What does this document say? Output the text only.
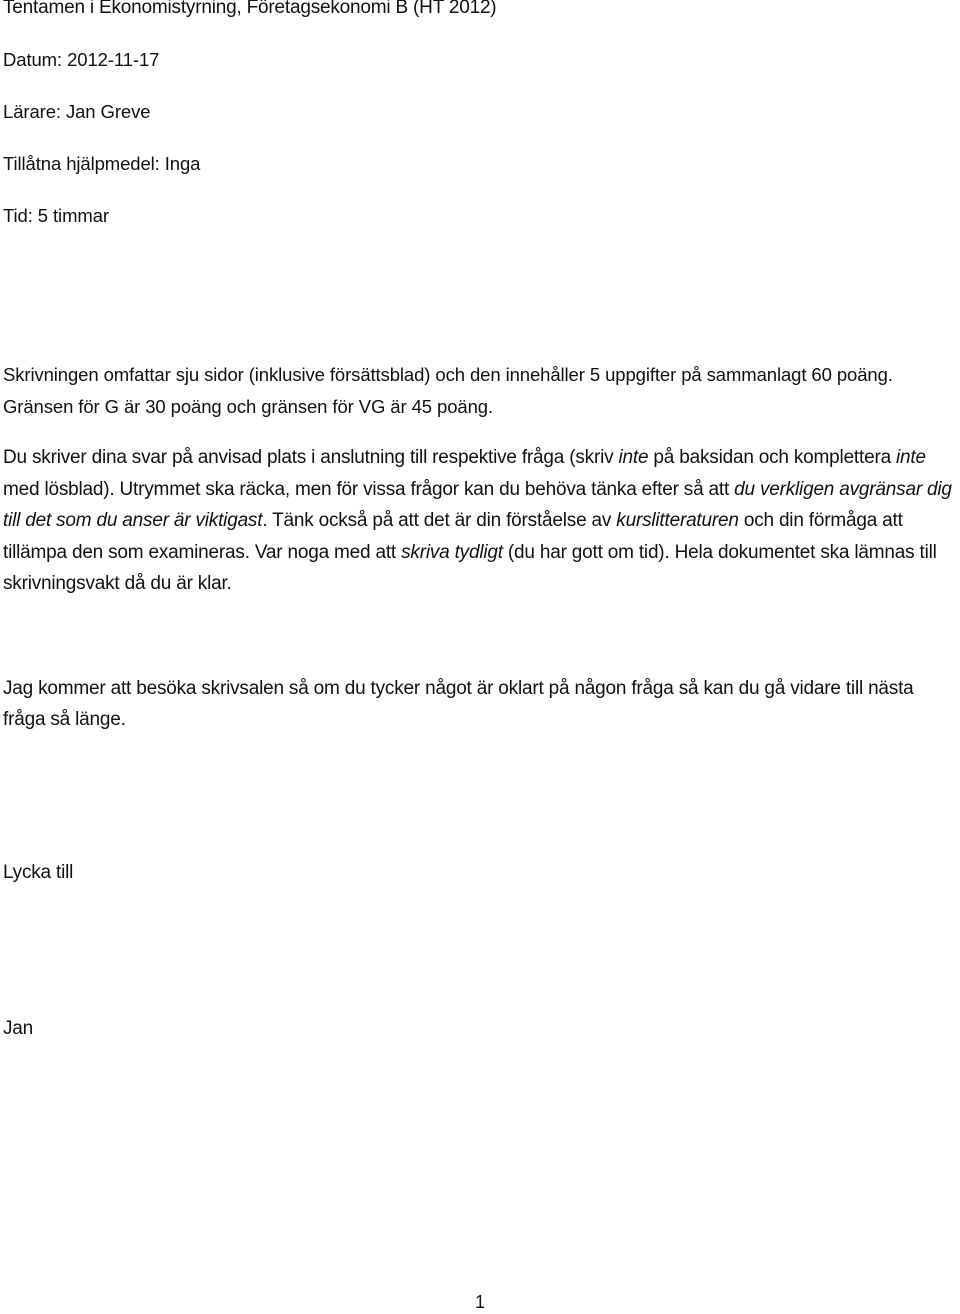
Tentamen i Ekonomistyrning, Företagsekonomi B (HT 2012)

Datum: 2012-11-17

Lärare: Jan Greve

Tillåtna hjälpmedel: Inga

Tid: 5 timmar

Skrivningen omfattar sju sidor (inklusive försättsblad) och den innehåller 5 uppgifter på sammanlagt 60 poäng. Gränsen för G är 30 poäng och gränsen för VG är 45 poäng.

Du skriver dina svar på anvisad plats i anslutning till respektive fråga (skriv inte på baksidan och komplettera inte med lösblad). Utrymmet ska räcka, men för vissa frågor kan du behöva tänka efter så att du verkligen avgränsar dig till det som du anser är viktigast. Tänk också på att det är din förståelse av kurslitteraturen och din förmåga att tillämpa den som examineras. Var noga med att skriva tydligt (du har gott om tid). Hela dokumentet ska lämnas till skrivningsvakt då du är klar.

Jag kommer att besöka skrivsalen så om du tycker något är oklart på någon fråga så kan du gå vidare till nästa fråga så länge.

Lycka till

Jan

1
